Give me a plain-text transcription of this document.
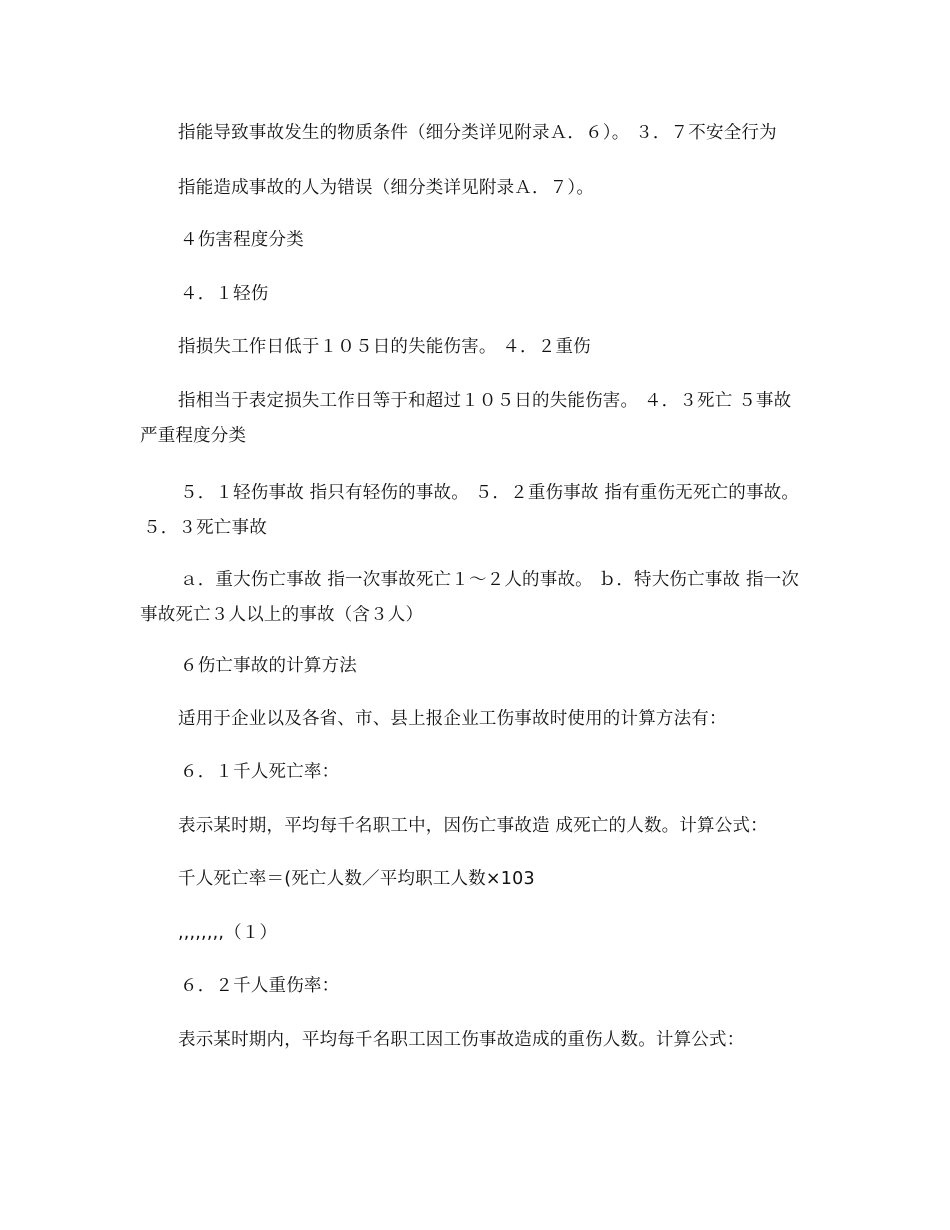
指能导致事故发生的物质条件（细分类详见附录Ａ．６）。 ３．７不安全行为
指能造成事故的人为错误（细分类详见附录Ａ．７）。
４伤害程度分类
４．１轻伤
指损失工作日低于１０５日的失能伤害。 ４．２重伤
指相当于表定损失工作日等于和超过１０５日的失能伤害。 ４．３死亡 ５事故
严重程度分类
５．１轻伤事故 指只有轻伤的事故。 ５．２重伤事故 指有重伤无死亡的事故。
５．３死亡事故
ａ．重大伤亡事故 指一次事故死亡１～２人的事故。 ｂ．特大伤亡事故 指一次
事故死亡３人以上的事故（含３人）
６伤亡事故的计算方法
适用于企业以及各省、市、县上报企业工伤事故时使用的计算方法有：
６．１千人死亡率：
表示某时期，平均每千名职工中，因伤亡事故造 成死亡的人数。计算公式：
千人死亡率＝(死亡人数／平均职工人数×103
,,,,,,,,（１）
６．２千人重伤率：
表示某时期内，平均每千名职工因工伤事故造成的重伤人数。计算公式：
